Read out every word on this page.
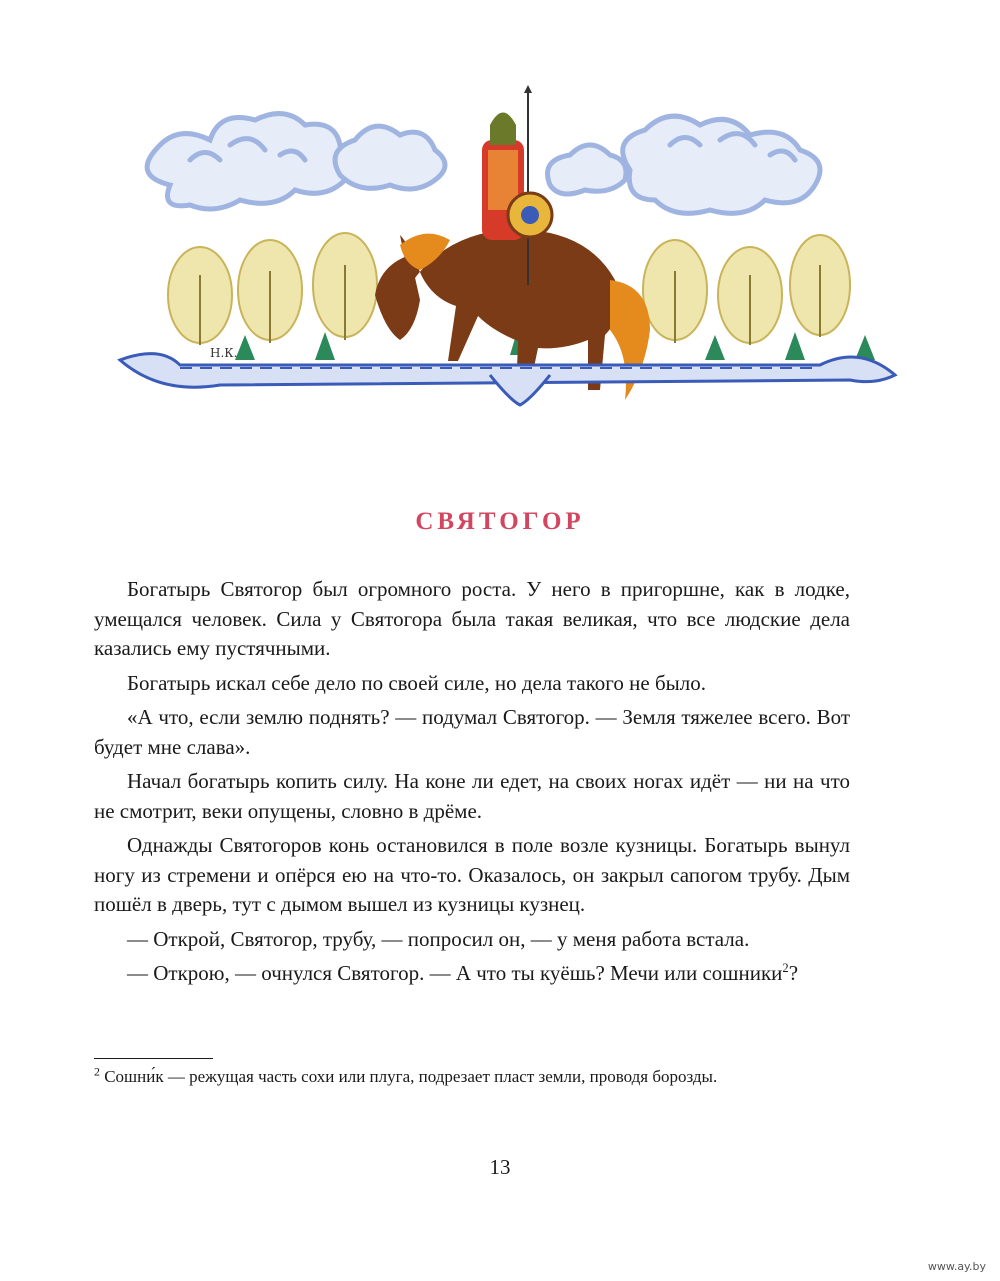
Н.К.
СВЯТОГОР

Богатырь Святогор был огромного роста. У него в пригоршне, как в лодке, умещался человек. Сила у Святогора была такая великая, что все людские дела казались ему пустячными.

Богатырь искал себе дело по своей силе, но дела такого не было.

«А что, если землю поднять? — подумал Святогор. — Земля тяжелее всего. Вот будет мне слава».

Начал богатырь копить силу. На коне ли едет, на своих ногах идёт — ни на что не смотрит, веки опущены, словно в дрёме.

Однажды Святогоров конь остановился в поле возле кузницы. Богатырь вынул ногу из стремени и опёрся ею на что-то. Оказалось, он закрыл сапогом трубу. Дым пошёл в дверь, тут с дымом вышел из кузницы кузнец.

— Открой, Святогор, трубу, — попросил он, — у меня работа встала.

— Открою, — очнулся Святогор. — А что ты куёшь? Мечи или сошники$^2$?

$^2$ Сошни́к — режущая часть сохи или плуга, подрезает пласт земли, проводя борозды.
13
www.ay.by
